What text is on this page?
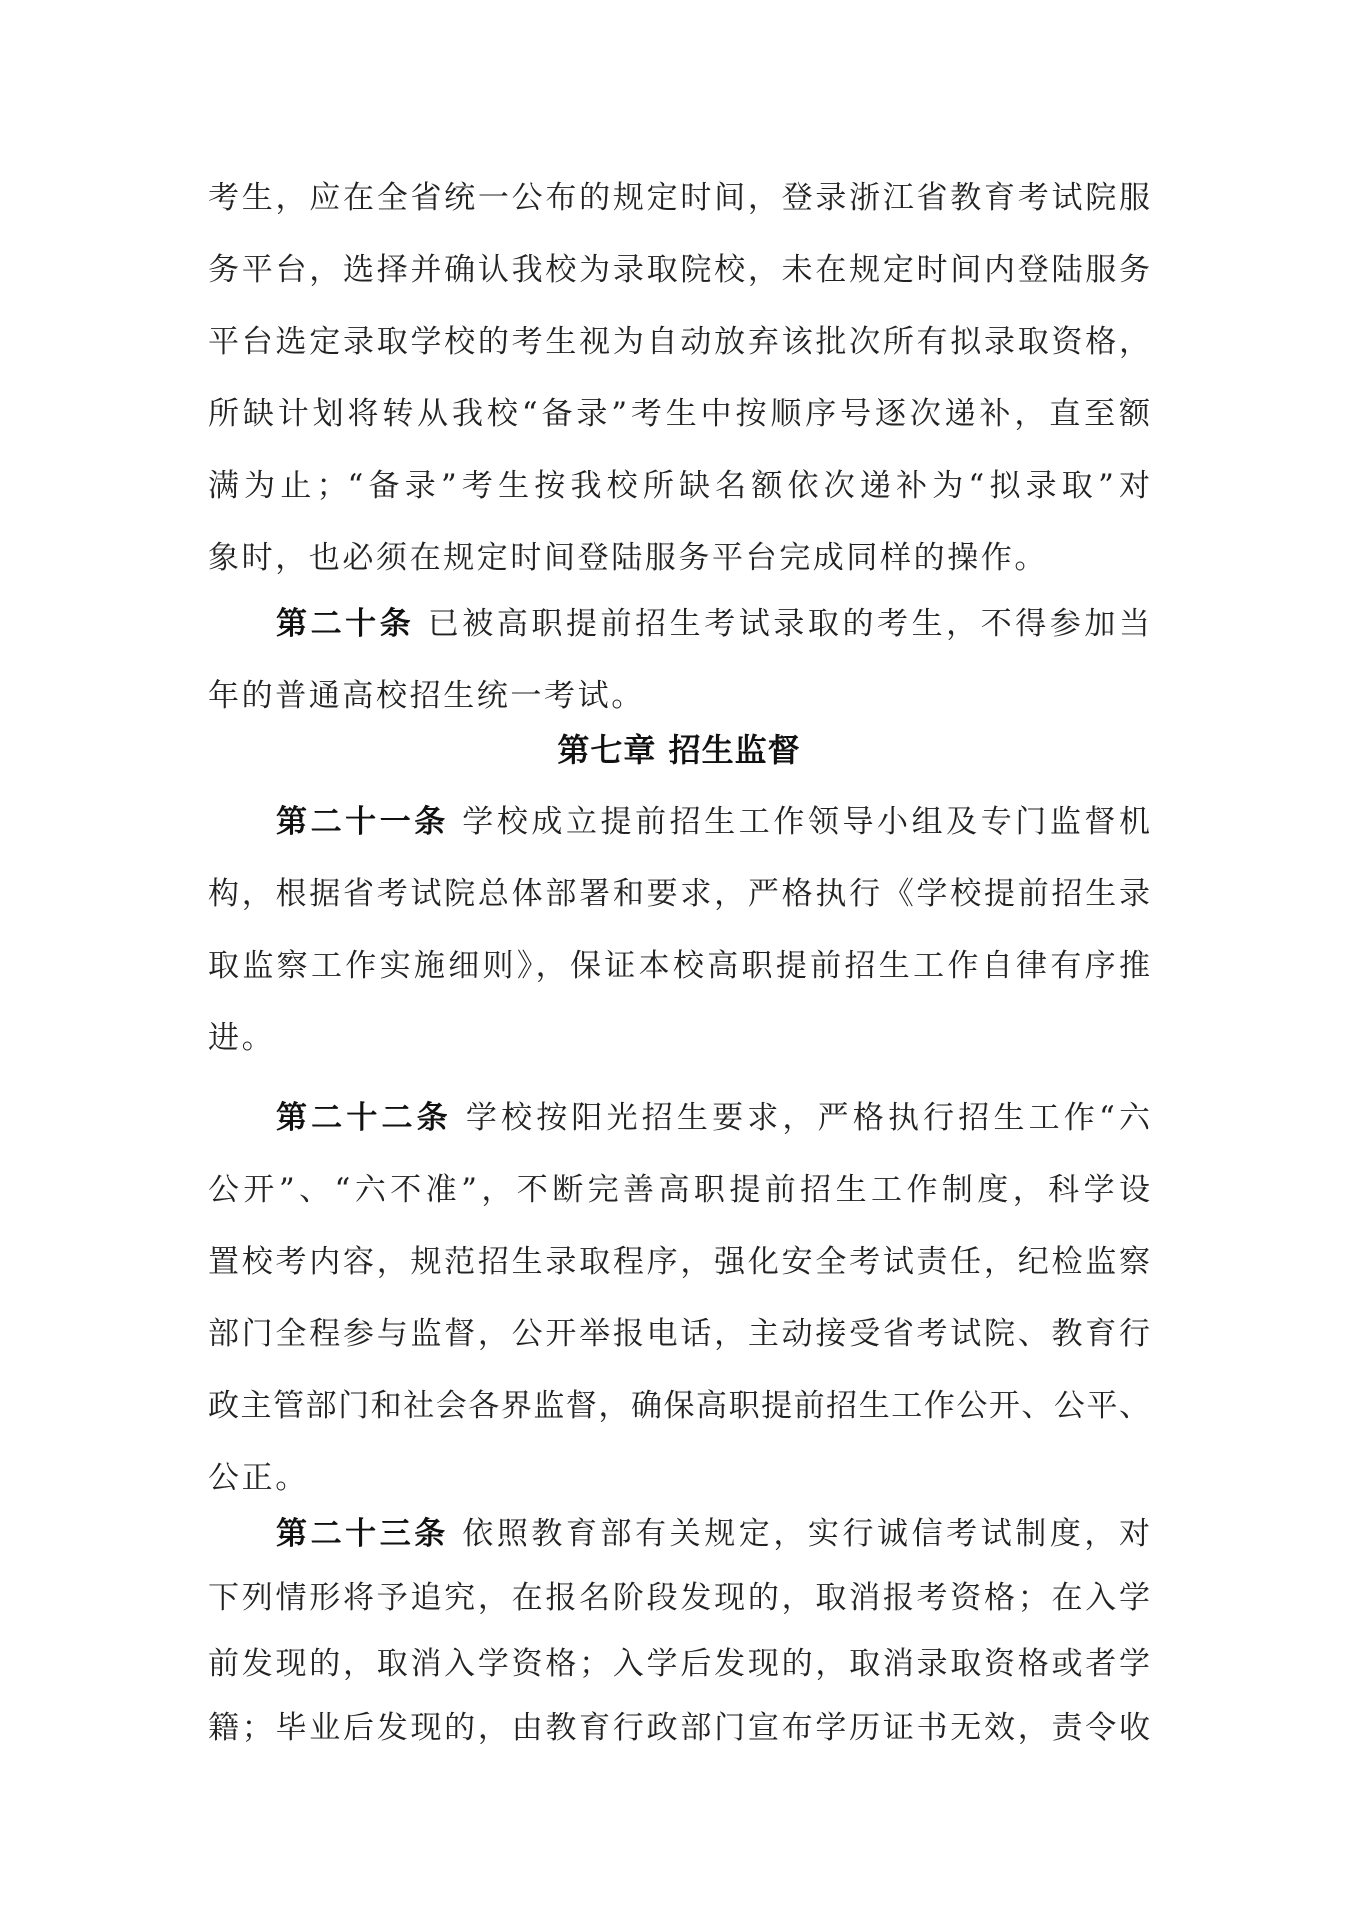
考生，应在全省统一公布的规定时间，登录浙江省教育考试院服
务平台，选择并确认我校为录取院校，未在规定时间内登陆服务
平台选定录取学校的考生视为自动放弃该批次所有拟录取资格，
所缺计划将转从我校“备录”考生中按顺序号逐次递补，直至额
满为止；“备录”考生按我校所缺名额依次递补为“拟录取”对
象时，也必须在规定时间登陆服务平台完成同样的操作。
第二十条 已被高职提前招生考试录取的考生，不得参加当
年的普通高校招生统一考试。
第七章 招生监督
第二十一条 学校成立提前招生工作领导小组及专门监督机
构，根据省考试院总体部署和要求，严格执行《学校提前招生录
取监察工作实施细则》，保证本校高职提前招生工作自律有序推
进。
第二十二条 学校按阳光招生要求，严格执行招生工作“六
公开”、“六不准”，不断完善高职提前招生工作制度，科学设
置校考内容，规范招生录取程序，强化安全考试责任，纪检监察
部门全程参与监督，公开举报电话，主动接受省考试院、教育行
政主管部门和社会各界监督，确保高职提前招生工作公开、公平、
公正。
第二十三条 依照教育部有关规定，实行诚信考试制度，对
下列情形将予追究，在报名阶段发现的，取消报考资格；在入学
前发现的，取消入学资格；入学后发现的，取消录取资格或者学
籍；毕业后发现的，由教育行政部门宣布学历证书无效，责令收
